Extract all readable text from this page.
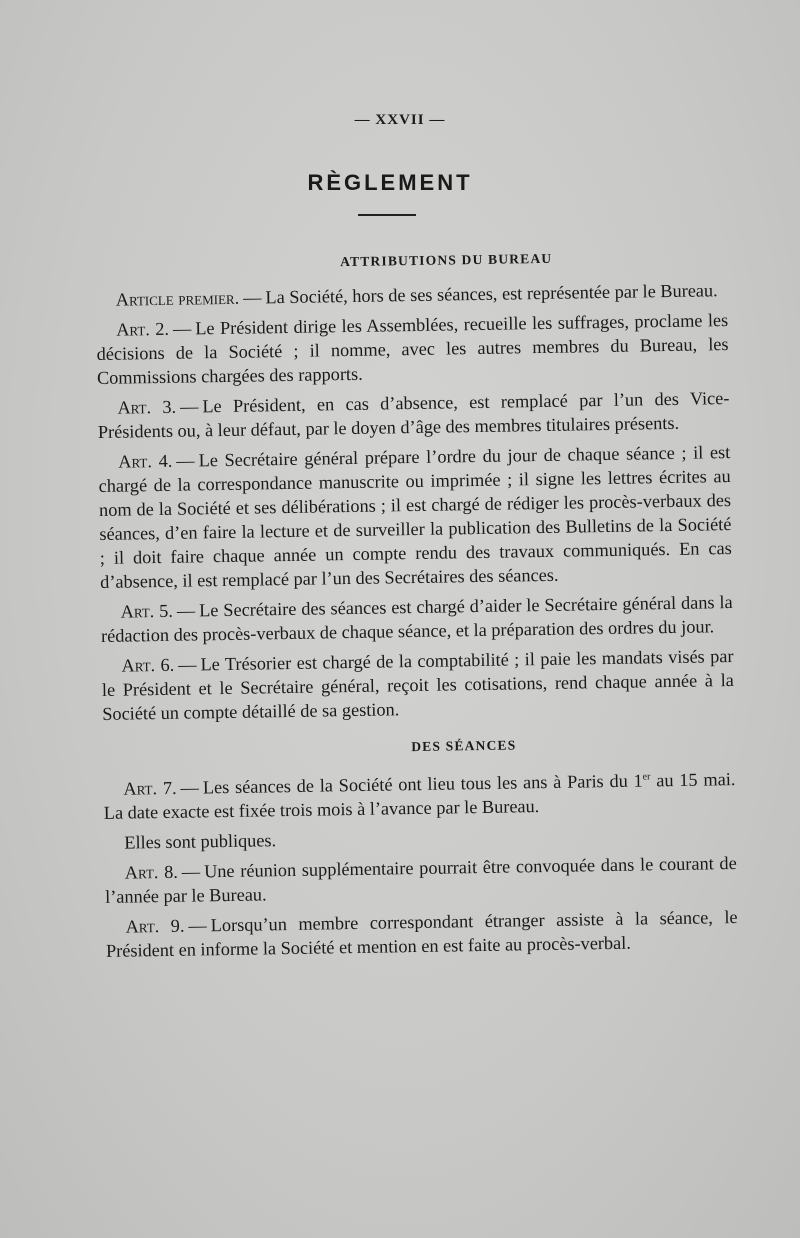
— XXVII —
RÈGLEMENT
ATTRIBUTIONS DU BUREAU

Article premier. — La Société, hors de ses séances, est représentée par le Bureau.

Art. 2. — Le Président dirige les Assemblées, recueille les suffrages, proclame les décisions de la Société ; il nomme, avec les autres membres du Bureau, les Commissions chargées des rapports.

Art. 3. — Le Président, en cas d’absence, est remplacé par l’un des Vice-Présidents ou, à leur défaut, par le doyen d’âge des membres titulaires présents.

Art. 4. — Le Secrétaire général prépare l’ordre du jour de chaque séance ; il est chargé de la correspondance manuscrite ou imprimée ; il signe les lettres écrites au nom de la Société et ses délibérations ; il est chargé de rédiger les procès-verbaux des séances, d’en faire la lecture et de surveiller la publication des Bulletins de la Société ; il doit faire chaque année un compte rendu des travaux communiqués. En cas d’absence, il est remplacé par l’un des Secrétaires des séances.

Art. 5. — Le Secrétaire des séances est chargé d’aider le Secrétaire général dans la rédaction des procès-verbaux de chaque séance, et la préparation des ordres du jour.

Art. 6. — Le Trésorier est chargé de la comptabilité ; il paie les mandats visés par le Président et le Secrétaire général, reçoit les cotisations, rend chaque année à la Société un compte détaillé de sa gestion.

DES SÉANCES

Art. 7. — Les séances de la Société ont lieu tous les ans à Paris du 1er au 15 mai. La date exacte est fixée trois mois à l’avance par le Bureau.

Elles sont publiques.

Art. 8. — Une réunion supplémentaire pourrait être convoquée dans le courant de l’année par le Bureau.

Art. 9. — Lorsqu’un membre correspondant étranger assiste à la séance, le Président en informe la Société et mention en est faite au procès-verbal.
